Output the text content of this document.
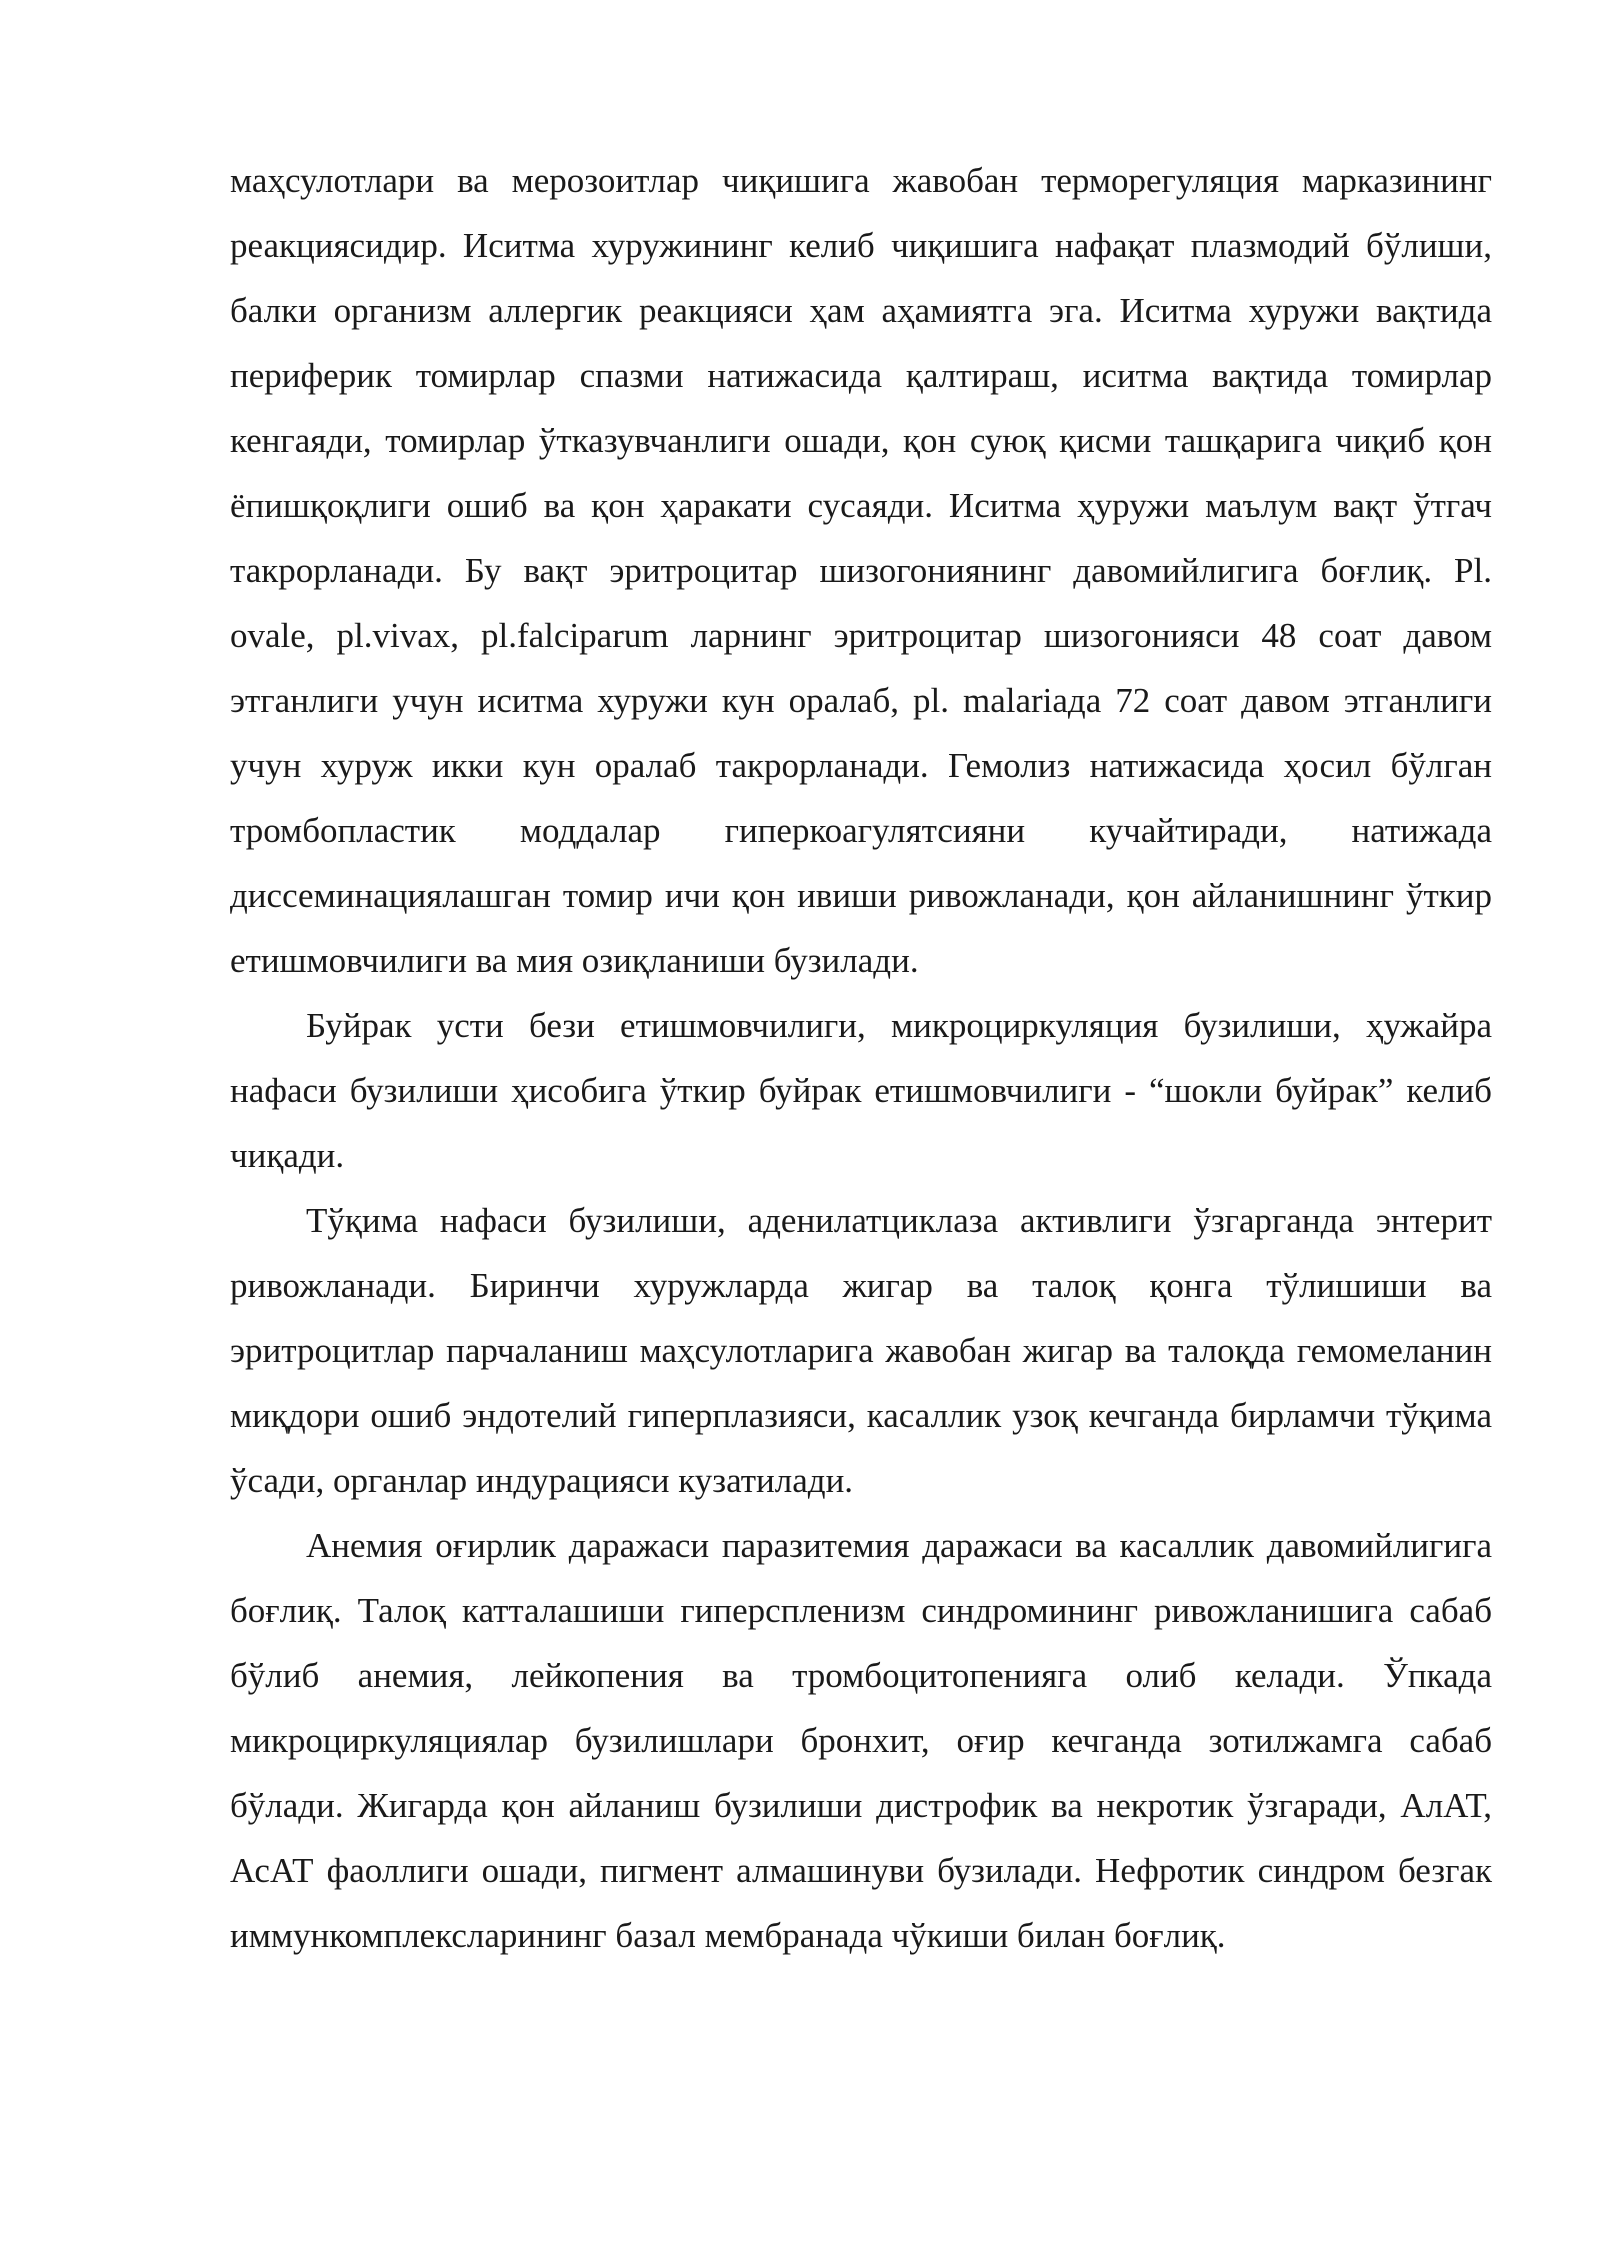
маҳсулотлари ва мерозоитлар чиқишига жавобан терморегуляция марказининг реакциясидир. Иситма хуружининг келиб чиқишига нафақат плазмодий бўлиши, балки организм аллергик реакцияси ҳам аҳамиятга эга. Иситма хуружи вақтида периферик томирлар спазми натижасида қалтираш, иситма вақтида томирлар кенгаяди, томирлар ўтказувчанлиги ошади, қон суюқ қисми ташқарига чиқиб қон ёпишқоқлиги ошиб ва қон ҳаракати сусаяди. Иситма ҳуружи маълум вақт ўтгач такрорланади. Бу вақт эритроцитар шизогониянинг давомийлигига боғлиқ. Pl. ovale, pl.vivax, pl.falciparum ларнинг эритроцитар шизогонияси 48 соат давом этганлиги учун иситма хуружи кун оралаб, pl. malariaда 72 соат давом этганлиги учун хуруж икки кун оралаб такрорланади. Гемолиз натижасида ҳосил бўлган тромбопластик моддалар гиперкоагулятсияни кучайтиради, натижада диссеминациялашган томир ичи қон ивиши ривожланади, қон айланишнинг ўткир етишмовчилиги ва мия озиқланиши бузилади.

Буйрак усти бези етишмовчилиги, микроциркуляция бузилиши, ҳужайра нафаси бузилиши ҳисобига ўткир буйрак етишмовчилиги - “шокли буйрак” келиб чиқади.

Тўқима нафаси бузилиши, аденилатциклаза активлиги ўзгарганда энтерит ривожланади. Биринчи хуружларда жигар ва талоқ қонга тўлишиши ва эритроцитлар парчаланиш маҳсулотларига жавобан жигар ва талоқда гемомеланин миқдори ошиб эндотелий гиперплазияси, касаллик узоқ кечганда бирламчи тўқима ўсади, органлар индурацияси кузатилади.

Анемия оғирлик даражаси паразитемия даражаси ва касаллик давомийлигига боғлиқ. Талоқ катталашиши гиперспленизм синдромининг ривожланишига сабаб бўлиб анемия, лейкопения ва тромбоцитопенияга олиб келади. Ўпкада микроциркуляциялар бузилишлари бронхит, оғир кечганда зотилжамга сабаб бўлади. Жигарда қон айланиш бузилиши дистрофик ва некротик ўзгаради, АлАТ, АсАТ фаоллиги ошади, пигмент алмашинуви бузилади. Нефротик синдром безгак иммункомплексларининг базал мембранада чўкиши билан боғлиқ.
